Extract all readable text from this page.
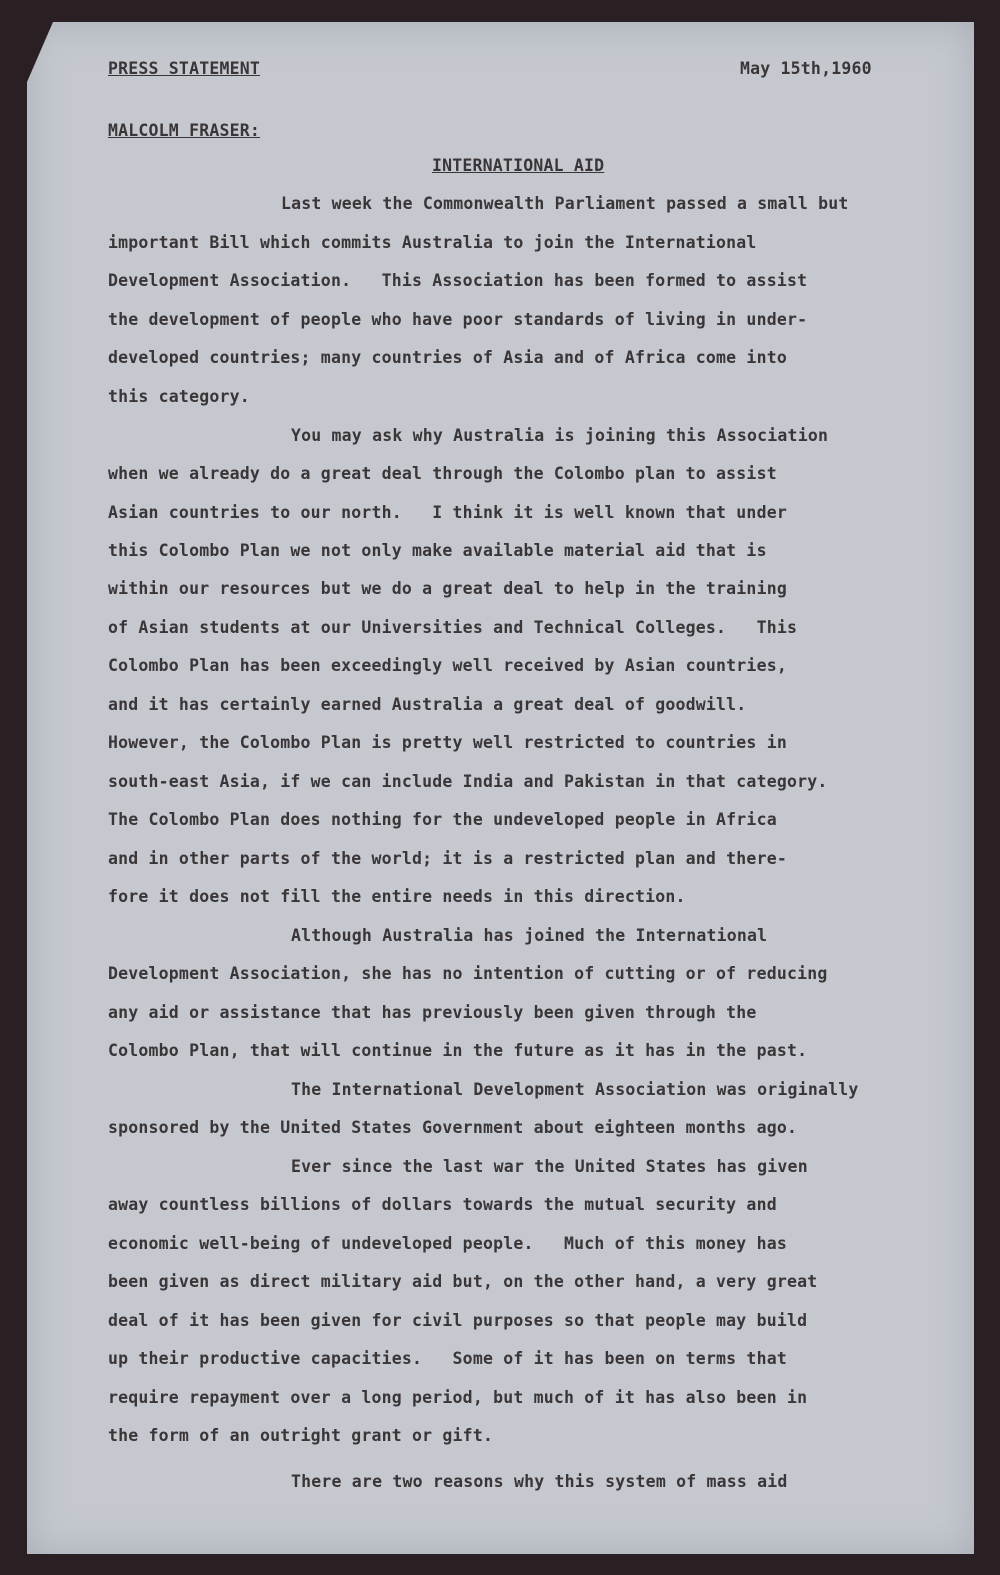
PRESS STATEMENT	May 15th,1960
MALCOLM FRASER:
INTERNATIONAL AID
Last week the Commonwealth Parliament passed a small but
important Bill which commits Australia to join the International
Development Association.   This Association has been formed to assist
the development of people who have poor standards of living in under-
developed countries; many countries of Asia and of Africa come into
this category.
You may ask why Australia is joining this Association
when we already do a great deal through the Colombo plan to assist
Asian countries to our north.   I think it is well known that under
this Colombo Plan we not only make available material aid that is
within our resources but we do a great deal to help in the training
of Asian students at our Universities and Technical Colleges.   This
Colombo Plan has been exceedingly well received by Asian countries,
and it has certainly earned Australia a great deal of goodwill.
However, the Colombo Plan is pretty well restricted to countries in
south-east Asia, if we can include India and Pakistan in that category.
The Colombo Plan does nothing for the undeveloped people in Africa
and in other parts of the world; it is a restricted plan and there-
fore it does not fill the entire needs in this direction.
Although Australia has joined the International
Development Association, she has no intention of cutting or of reducing
any aid or assistance that has previously been given through the
Colombo Plan, that will continue in the future as it has in the past.
The International Development Association was originally
sponsored by the United States Government about eighteen months ago.
Ever since the last war the United States has given
away countless billions of dollars towards the mutual security and
economic well-being of undeveloped people.   Much of this money has
been given as direct military aid but, on the other hand, a very great
deal of it has been given for civil purposes so that people may build
up their productive capacities.   Some of it has been on terms that
require repayment over a long period, but much of it has also been in
the form of an outright grant or gift.
There are two reasons why this system of mass aid
